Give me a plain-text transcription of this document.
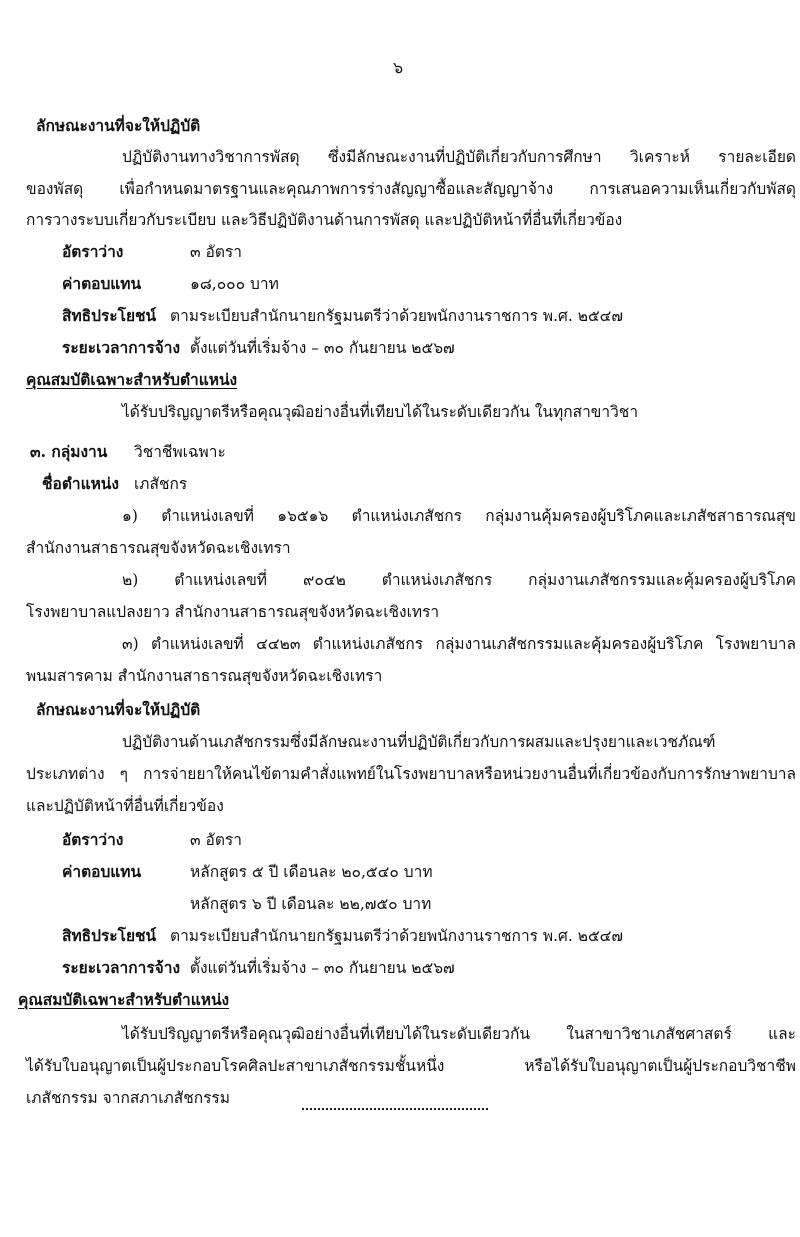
๖
ลักษณะงานที่จะให้ปฏิบัติ
ปฏิบัติงานทางวิชาการพัสดุ ซึ่งมีลักษณะงานที่ปฏิบัติเกี่ยวกับการศึกษา วิเคราะห์ รายละเอียด
ของพัสดุ เพื่อกำหนดมาตรฐานและคุณภาพการร่างสัญญาซื้อและสัญญาจ้าง การเสนอความเห็นเกี่ยวกับพัสดุ
การวางระบบเกี่ยวกับระเบียบ และวิธีปฏิบัติงานด้านการพัสดุ และปฏิบัติหน้าที่อื่นที่เกี่ยวข้อง
อัตราว่าง	๓ อัตรา
ค่าตอบแทน	๑๘,๐๐๐ บาท
สิทธิประโยชน์ ตามระเบียบสำนักนายกรัฐมนตรีว่าด้วยพนักงานราชการ พ.ศ. ๒๕๔๗
ระยะเวลาการจ้าง ตั้งแต่วันที่เริ่มจ้าง – ๓๐ กันยายน ๒๕๖๗
คุณสมบัติเฉพาะสำหรับตำแหน่ง
ได้รับปริญญาตรีหรือคุณวุฒิอย่างอื่นที่เทียบได้ในระดับเดียวกัน ในทุกสาขาวิชา
๓. กลุ่มงาน วิชาชีพเฉพาะ
ชื่อตำแหน่ง เภสัชกร
๑) ตำแหน่งเลขที่ ๑๖๕๑๖ ตำแหน่งเภสัชกร กลุ่มงานคุ้มครองผู้บริโภคและเภสัชสาธารณสุข
สำนักงานสาธารณสุขจังหวัดฉะเชิงเทรา
๒) ตำแหน่งเลขที่ ๙๐๔๒ ตำแหน่งเภสัชกร กลุ่มงานเภสัชกรรมและคุ้มครองผู้บริโภค
โรงพยาบาลแปลงยาว สำนักงานสาธารณสุขจังหวัดฉะเชิงเทรา
๓) ตำแหน่งเลขที่ ๔๔๒๓ ตำแหน่งเภสัชกร กลุ่มงานเภสัชกรรมและคุ้มครองผู้บริโภค โรงพยาบาล
พนมสารคาม สำนักงานสาธารณสุขจังหวัดฉะเชิงเทรา
ลักษณะงานที่จะให้ปฏิบัติ
ปฏิบัติงานด้านเภสัชกรรมซึ่งมีลักษณะงานที่ปฏิบัติเกี่ยวกับการผสมและปรุงยาและเวชภัณฑ์
ประเภทต่าง ๆ การจ่ายยาให้คนไข้ตามคำสั่งแพทย์ในโรงพยาบาลหรือหน่วยงานอื่นที่เกี่ยวข้องกับการรักษาพยาบาล
และปฏิบัติหน้าที่อื่นที่เกี่ยวข้อง
อัตราว่าง	๓ อัตรา
ค่าตอบแทน	หลักสูตร ๕ ปี เดือนละ ๒๐,๕๔๐ บาท
หลักสูตร ๖ ปี เดือนละ ๒๒,๗๕๐ บาท
สิทธิประโยชน์ ตามระเบียบสำนักนายกรัฐมนตรีว่าด้วยพนักงานราชการ พ.ศ. ๒๕๔๗
ระยะเวลาการจ้าง ตั้งแต่วันที่เริ่มจ้าง – ๓๐ กันยายน ๒๕๖๗
คุณสมบัติเฉพาะสำหรับตำแหน่ง
ได้รับปริญญาตรีหรือคุณวุฒิอย่างอื่นที่เทียบได้ในระดับเดียวกัน ในสาขาวิชาเภสัชศาสตร์ และ
ได้รับใบอนุญาตเป็นผู้ประกอบโรคศิลปะสาขาเภสัชกรรมชั้นหนึ่ง หรือได้รับใบอนุญาตเป็นผู้ประกอบวิชาชีพ
เภสัชกรรม จากสภาเภสัชกรรม
